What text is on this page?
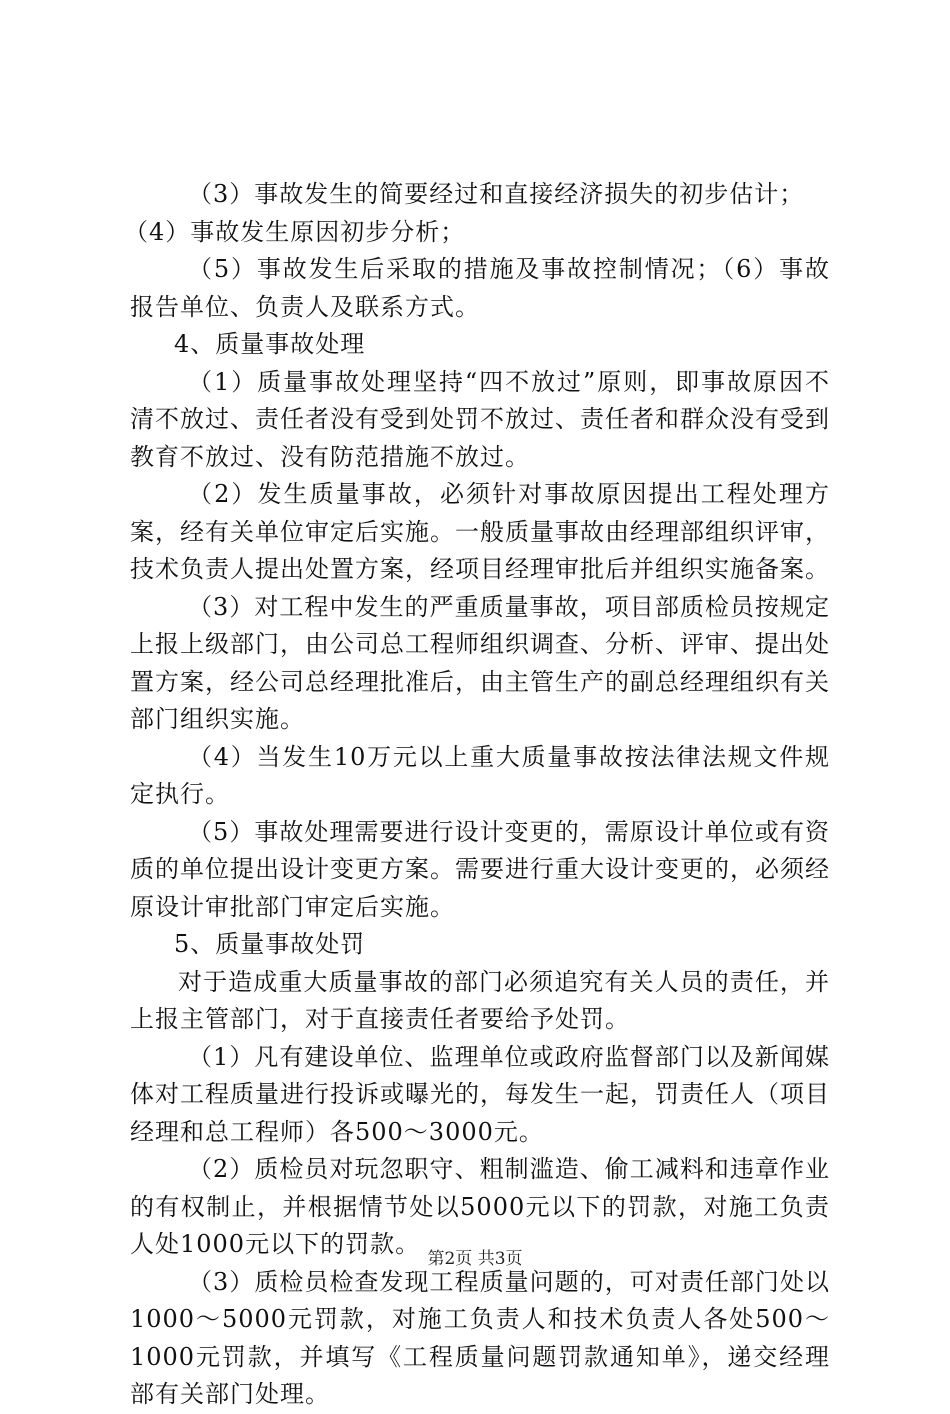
（3）事故发生的简要经过和直接经济损失的初步估计；

（4）事故发生原因初步分析；

（5）事故发生后采取的措施及事故控制情况；（6）事故报告单位、负责人及联系方式。

4、质量事故处理

（1）质量事故处理坚持“四不放过”原则，即事故原因不清不放过、责任者没有受到处罚不放过、责任者和群众没有受到教育不放过、没有防范措施不放过。

（2）发生质量事故，必须针对事故原因提出工程处理方案，经有关单位审定后实施。一般质量事故由经理部组织评审，技术负责人提出处置方案，经项目经理审批后并组织实施备案。

（3）对工程中发生的严重质量事故，项目部质检员按规定上报上级部门，由公司总工程师组织调查、分析、评审、提出处置方案，经公司总经理批准后，由主管生产的副总经理组织有关部门组织实施。

（4）当发生10万元以上重大质量事故按法律法规文件规定执行。

（5）事故处理需要进行设计变更的，需原设计单位或有资质的单位提出设计变更方案。需要进行重大设计变更的，必须经原设计审批部门审定后实施。

5、质量事故处罚

对于造成重大质量事故的部门必须追究有关人员的责任，并上报主管部门，对于直接责任者要给予处罚。

（1）凡有建设单位、监理单位或政府监督部门以及新闻媒体对工程质量进行投诉或曝光的，每发生一起，罚责任人（项目经理和总工程师）各500～3000元。

（2）质检员对玩忽职守、粗制滥造、偷工减料和违章作业的有权制止，并根据情节处以5000元以下的罚款，对施工负责人处1000元以下的罚款。

（3）质检员检查发现工程质量问题的，可对责任部门处以1000～5000元罚款，对施工负责人和技术负责人各处500～1000元罚款，并填写《工程质量问题罚款通知单》，递交经理部有关部门处理。

第2页 共3页
